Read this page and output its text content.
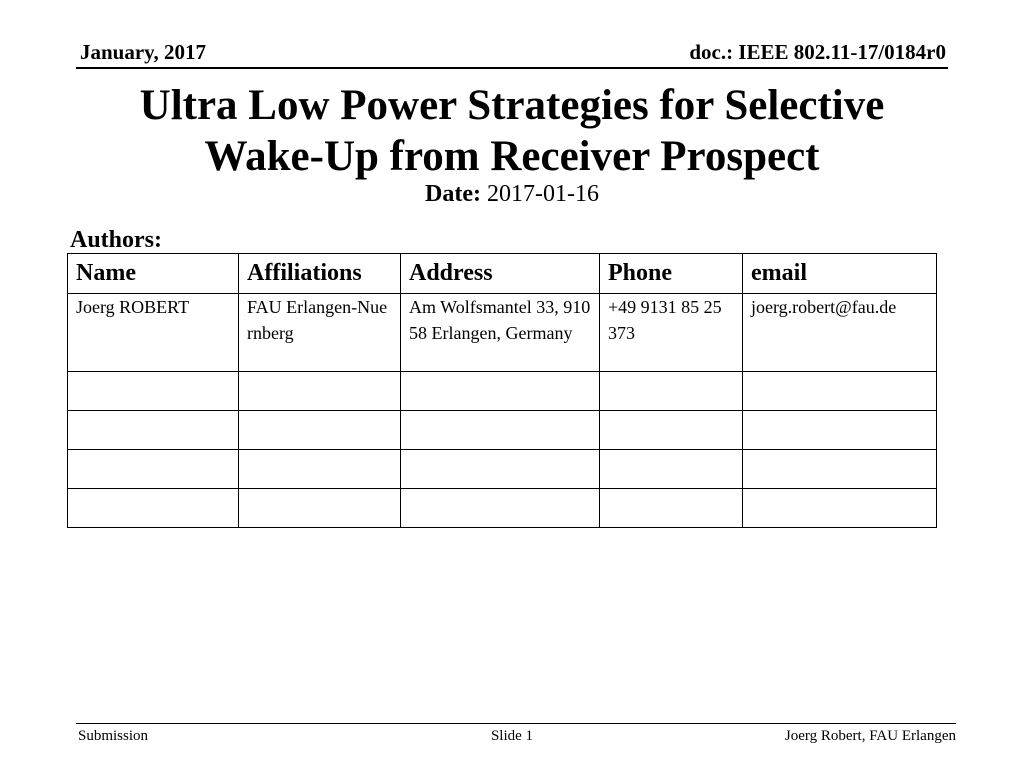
January, 2017	doc.: IEEE 802.11-17/0184r0
Ultra Low Power Strategies for Selective
Wake-Up from Receiver Prospect
Date: 2017-01-16
Authors:
Name	Affiliations	Address	Phone	email
Joerg ROBERT	FAU Erlangen-Nuernberg	Am Wolfsmantel 33, 91058 Erlangen, Germany	+49 9131 85 25 373	joerg.robert@fau.de

Submission	Slide 1	Joerg Robert, FAU Erlangen
